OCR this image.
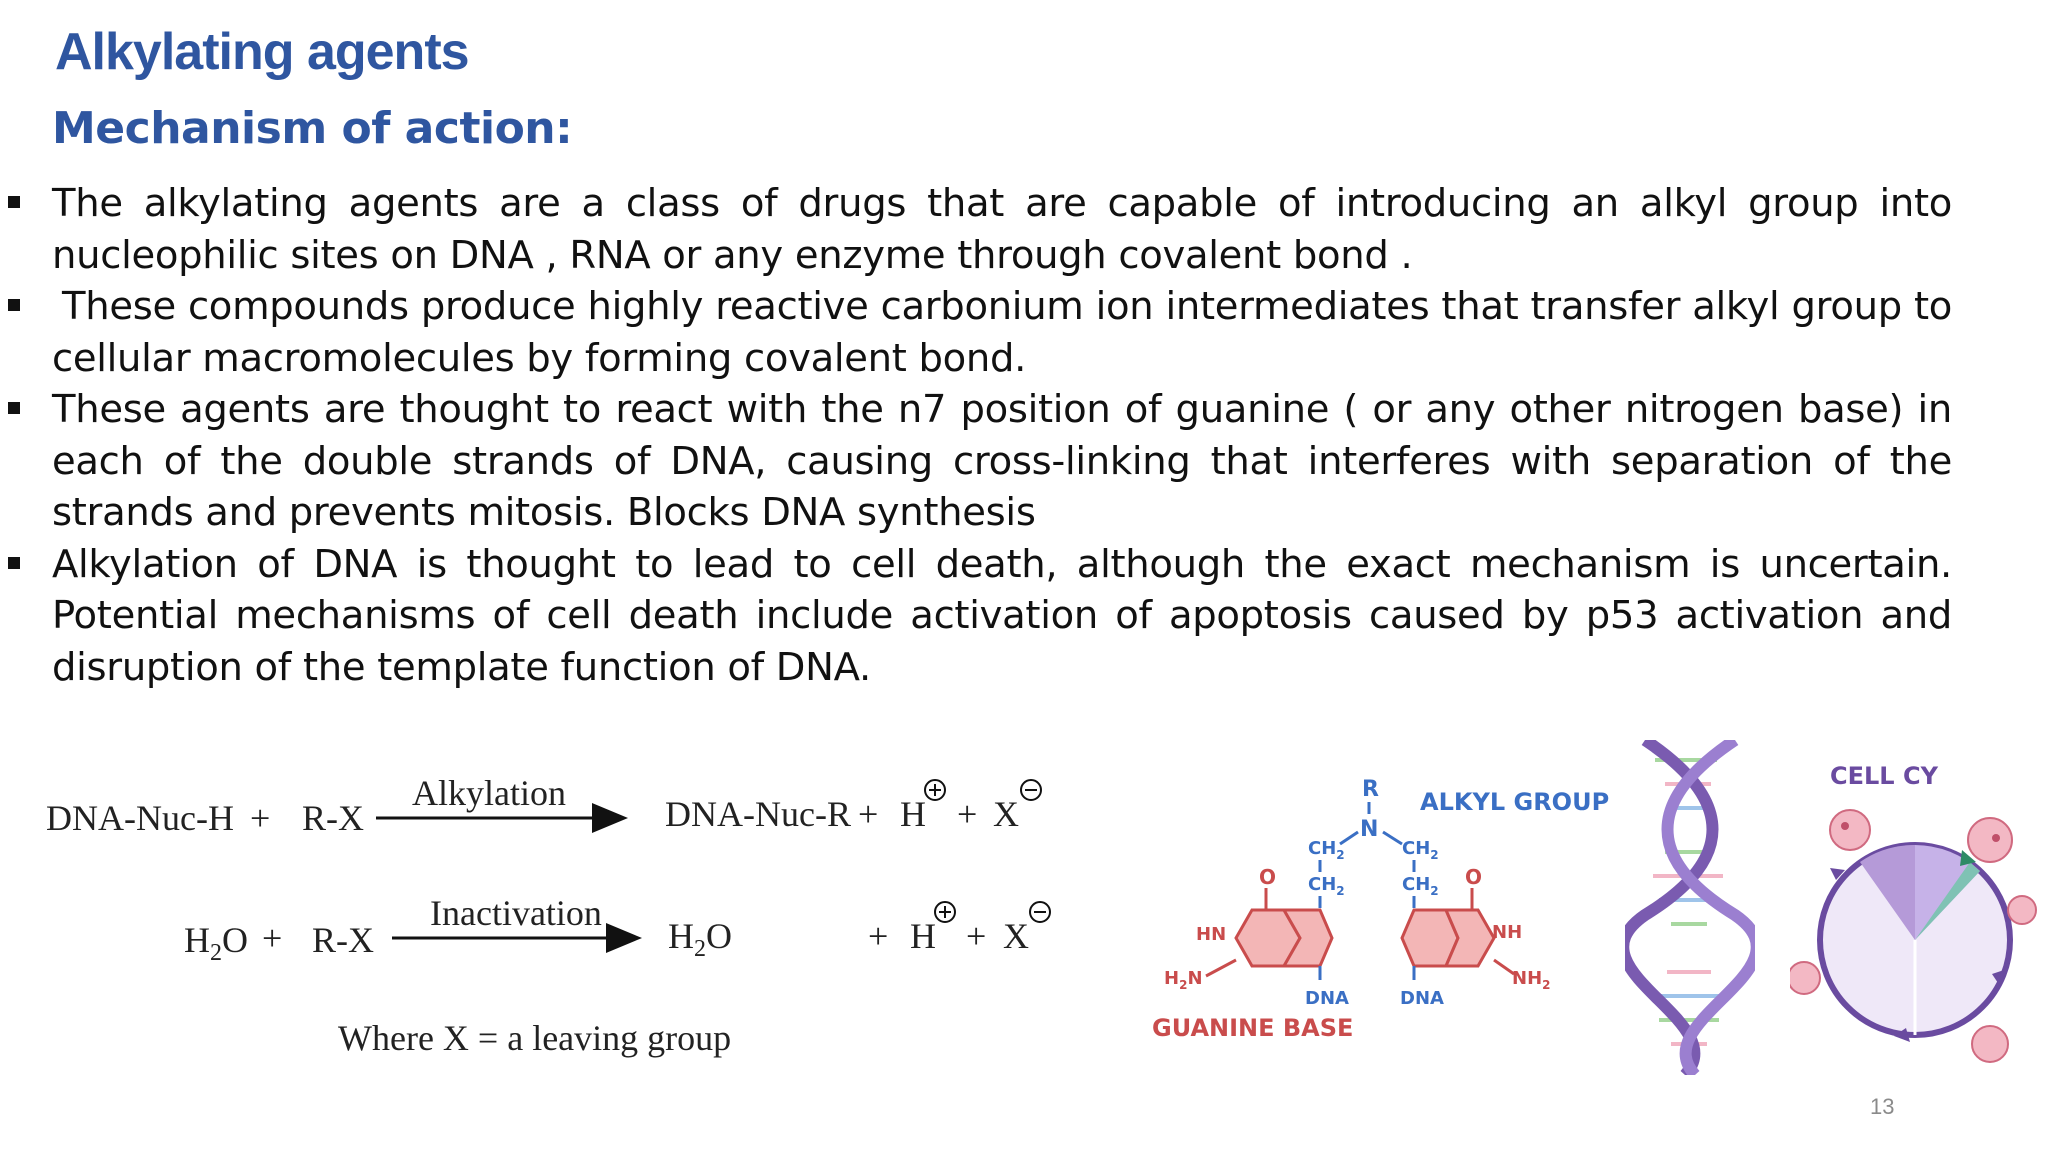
Alkylating agents
Mechanism of action:
The alkylating agents are a class of drugs that are capable of introducing an alkyl group into nucleophilic sites on DNA , RNA or any enzyme through covalent bond .
These compounds produce highly reactive carbonium ion intermediates that transfer alkyl group to cellular macromolecules by forming covalent bond.
These agents are thought to react with the n7 position of guanine ( or any other nitrogen base) in each of the double strands of DNA, causing cross-linking that interferes with separation of the strands and prevents mitosis. Blocks DNA synthesis
Alkylation of DNA is thought to lead to cell death, although the exact mechanism is uncertain. Potential mechanisms of cell death include activation of apoptosis caused by p53 activation and disruption of the template function of DNA.
DNA-Nuc-H + R-X
Alkylation
DNA-Nuc-R + H + X
$H_2O + R-X$
Inactivation
$H_2O$	+ H + X
Where X = a leaving group
R
N
ALKYL GROUP
$CH_2$
$CH_2$
$CH_2$
$CH_2$
O
HN
$H_2N$
DNA
O
NH
$NH_2$
DNA
GUANINE BASE
CELL CY
13
